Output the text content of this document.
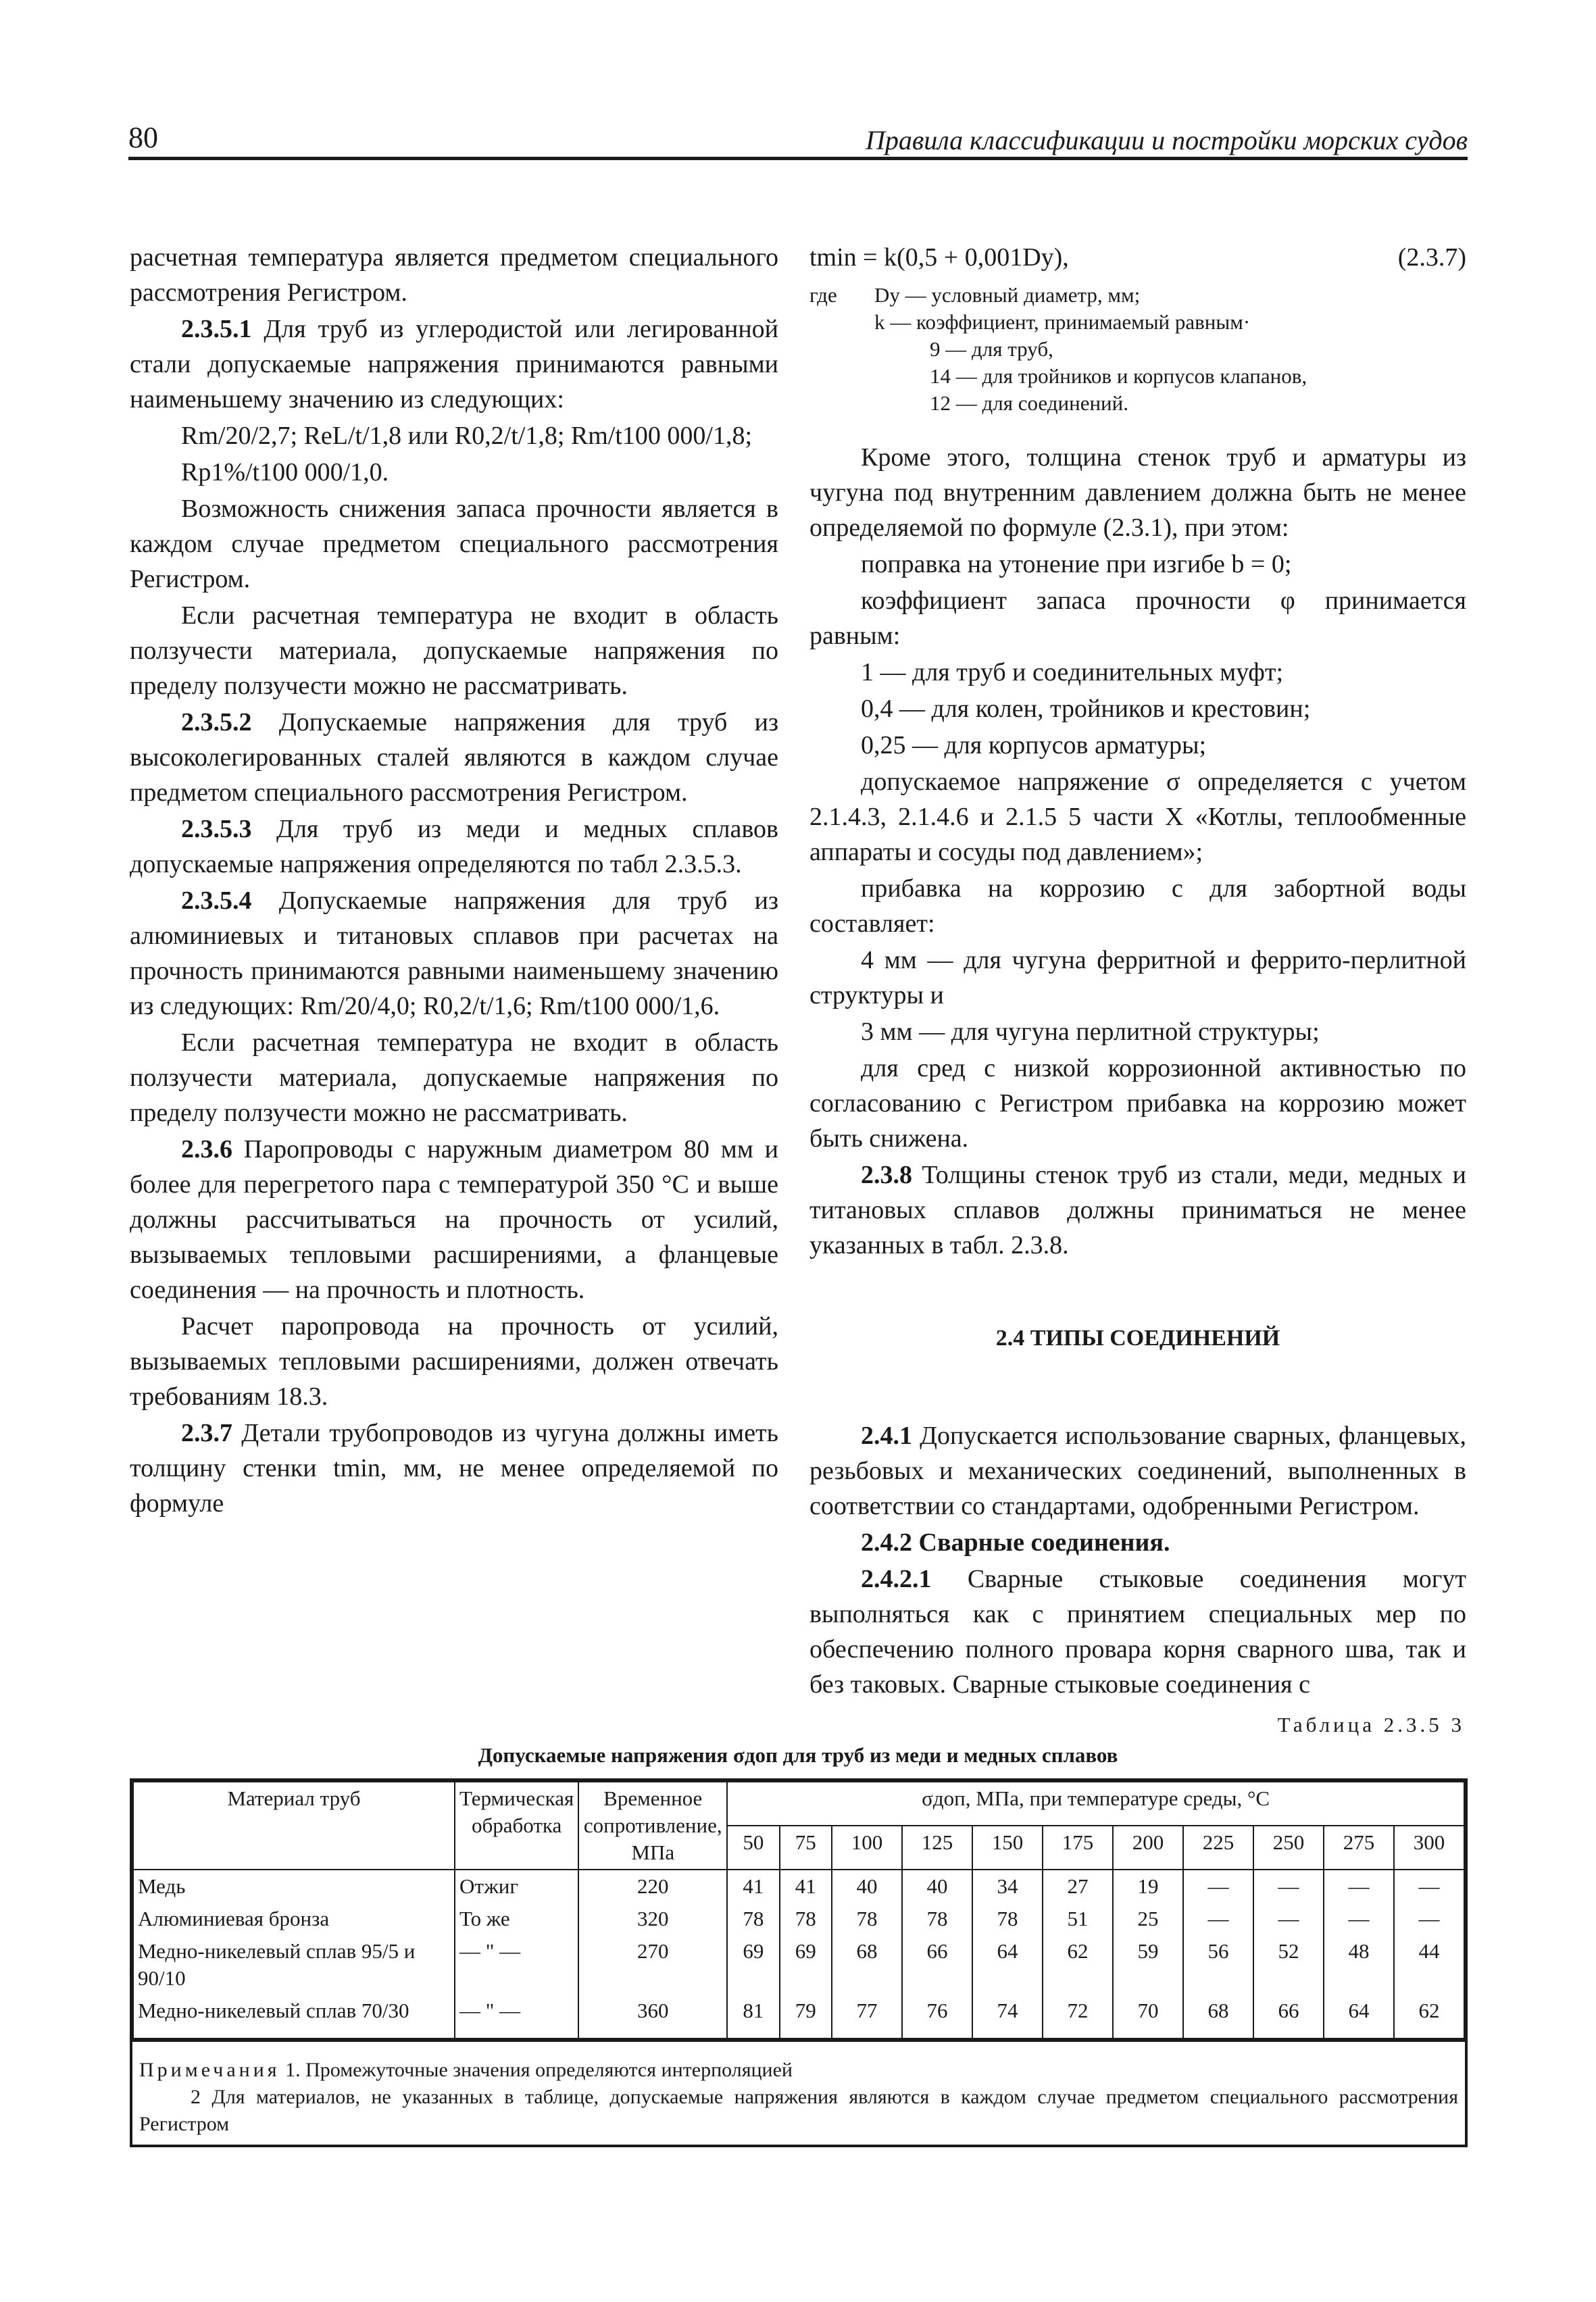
80	Правила классификации и постройки морских судов

расчетная температура является предметом специального рассмотрения Регистром.

2.3.5.1 Для труб из углеродистой или легированной стали допускаемые напряжения принимаются равными наименьшему значению из следующих:

Rm/20/2,7; ReL/t/1,8 или R0,2/t/1,8; Rm/t100 000/1,8;

Rp1%/t100 000/1,0.

Возможность снижения запаса прочности является в каждом случае предметом специального рассмотрения Регистром.

Если расчетная температура не входит в область ползучести материала, допускаемые напряжения по пределу ползучести можно не рассматривать.

2.3.5.2 Допускаемые напряжения для труб из высоколегированных сталей являются в каждом случае предметом специального рассмотрения Регистром.

2.3.5.3 Для труб из меди и медных сплавов допускаемые напряжения определяются по табл 2.3.5.3.

2.3.5.4 Допускаемые напряжения для труб из алюминиевых и титановых сплавов при расчетах на прочность принимаются равными наименьшему значению из следующих: Rm/20/4,0; R0,2/t/1,6; Rm/t100 000/1,6.

Если расчетная температура не входит в область ползучести материала, допускаемые напряжения по пределу ползучести можно не рассматривать.

2.3.6 Паропроводы с наружным диаметром 80 мм и более для перегретого пара с температурой 350 °С и выше должны рассчитываться на прочность от усилий, вызываемых тепловыми расширениями, а фланцевые соединения — на прочность и плотность.

Расчет паропровода на прочность от усилий, вызываемых тепловыми расширениями, должен отвечать требованиям 18.3.

2.3.7 Детали трубопроводов из чугуна должны иметь толщину стенки tmin, мм, не менее определяемой по формуле

tmin = k(0,5 + 0,001Dy),	(2.3.7)
где	Dy — условный диаметр, мм;
k — коэффициент, принимаемый равным·
9 — для труб,
14 — для тройников и корпусов клапанов,
12 — для соединений.

Кроме этого, толщина стенок труб и арматуры из чугуна под внутренним давлением должна быть не менее определяемой по формуле (2.3.1), при этом:

поправка на утонение при изгибе b = 0;

коэффициент запаса прочности φ принимается равным:

1 — для труб и соединительных муфт;

0,4 — для колен, тройников и крестовин;

0,25 — для корпусов арматуры;

допускаемое напряжение σ определяется с учетом 2.1.4.3, 2.1.4.6 и 2.1.5 5 части X «Котлы, теплообменные аппараты и сосуды под давлением»;

прибавка на коррозию c для забортной воды составляет:

4 мм — для чугуна ферритной и феррито-перлитной структуры и

3 мм — для чугуна перлитной структуры;

для сред с низкой коррозионной активностью по согласованию с Регистром прибавка на коррозию может быть снижена.

2.3.8 Толщины стенок труб из стали, меди, медных и титановых сплавов должны приниматься не менее указанных в табл. 2.3.8.

2.4 ТИПЫ СОЕДИНЕНИЙ

2.4.1 Допускается использование сварных, фланцевых, резьбовых и механических соединений, выполненных в соответствии со стандартами, одобренными Регистром.

2.4.2 Сварные соединения.

2.4.2.1 Сварные стыковые соединения могут выполняться как с принятием специальных мер по обеспечению полного провара корня сварного шва, так и без таковых. Сварные стыковые соединения с

Таблица 2.3.5 3
Допускаемые напряжения σдоп для труб из меди и медных сплавов
Материал труб	Термическая обработка	Временное сопротивление, МПа	σдоп, МПа, при температуре среды, °С										
			50	75	100	125	150	175	200	225	250	275	300
Медь	Отжиг	220	41	41	40	40	34	27	19	—	—	—	—
Алюминиевая бронза	То же	320	78	78	78	78	78	51	25	—	—	—	—
Медно-никелевый сплав 95/5 и 90/10	— " —	270	69	69	68	66	64	62	59	56	52	48	44
Медно-никелевый сплав 70/30	— " —	360	81	79	77	76	74	72	70	68	66	64	62
Примечания 1. Промежуточные значения определяются интерполяцией
2 Для материалов, не указанных в таблице, допускаемые напряжения являются в каждом случае предметом специального рассмотрения Регистром
